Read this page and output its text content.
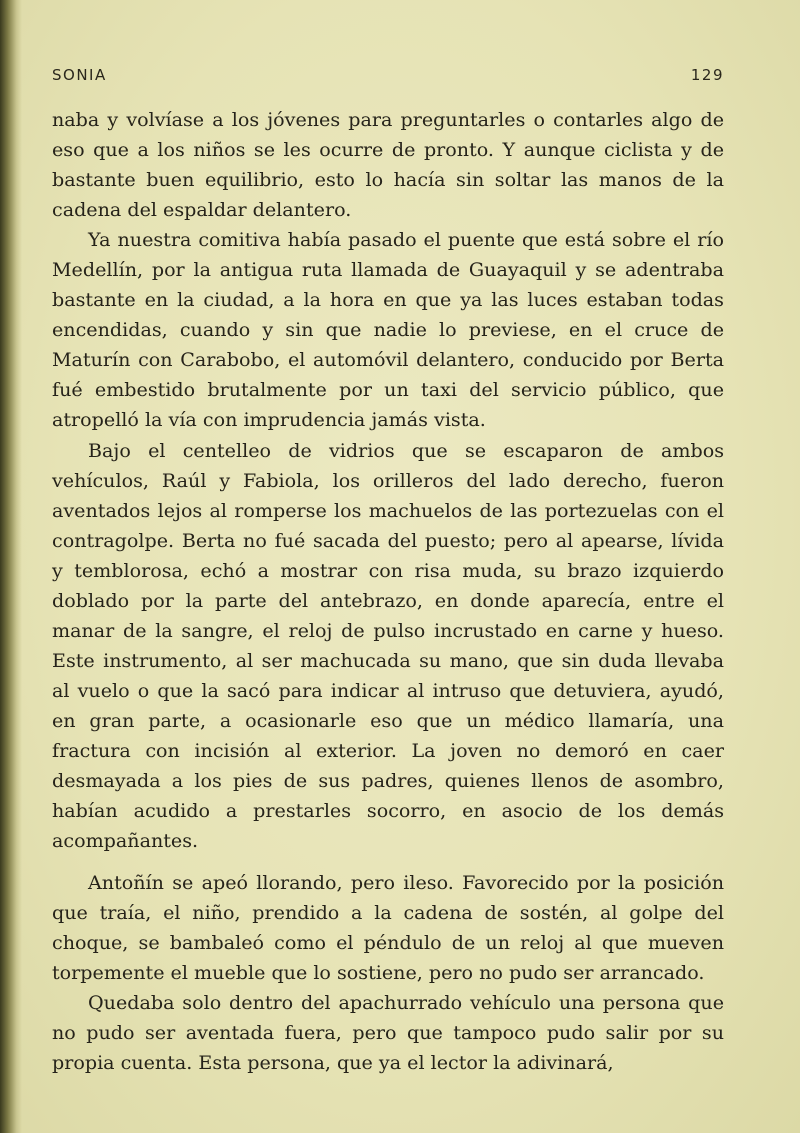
SONIA	129

naba y volvíase a los jóvenes para preguntarles o contarles algo de eso que a los niños se les ocurre de pronto. Y aunque ciclista y de bastante buen equilibrio, esto lo hacía sin soltar las manos de la cadena del espaldar delantero.

Ya nuestra comitiva había pasado el puente que está sobre el río Medellín, por la antigua ruta llamada de Guayaquil y se adentraba bastante en la ciudad, a la hora en que ya las luces estaban todas encendidas, cuando y sin que nadie lo previese, en el cruce de Maturín con Carabobo, el automóvil delantero, conducido por Berta fué embestido brutalmente por un taxi del servicio público, que atropelló la vía con imprudencia jamás vista.

Bajo el centelleo de vidrios que se escaparon de ambos vehículos, Raúl y Fabiola, los orilleros del lado derecho, fueron aventados lejos al romperse los machuelos de las portezuelas con el contragolpe. Berta no fué sacada del puesto; pero al apearse, lívida y temblorosa, echó a mostrar con risa muda, su brazo izquierdo doblado por la parte del antebrazo, en donde aparecía, entre el manar de la sangre, el reloj de pulso incrustado en carne y hueso. Este instrumento, al ser machucada su mano, que sin duda llevaba al vuelo o que la sacó para indicar al intruso que detuviera, ayudó, en gran parte, a ocasionarle eso que un médico llamaría, una fractura con incisión al exterior. La joven no demoró en caer desmayada a los pies de sus padres, quienes llenos de asombro, habían acudido a prestarles socorro, en asocio de los demás acompañantes.

Antoñín se apeó llorando, pero ileso. Favorecido por la posición que traía, el niño, prendido a la cadena de sostén, al golpe del choque, se bambaleó como el péndulo de un reloj al que mueven torpemente el mueble que lo sostiene, pero no pudo ser arrancado.

Quedaba solo dentro del apachurrado vehículo una persona que no pudo ser aventada fuera, pero que tampoco pudo salir por su propia cuenta. Esta persona, que ya el lector la adivinará,
